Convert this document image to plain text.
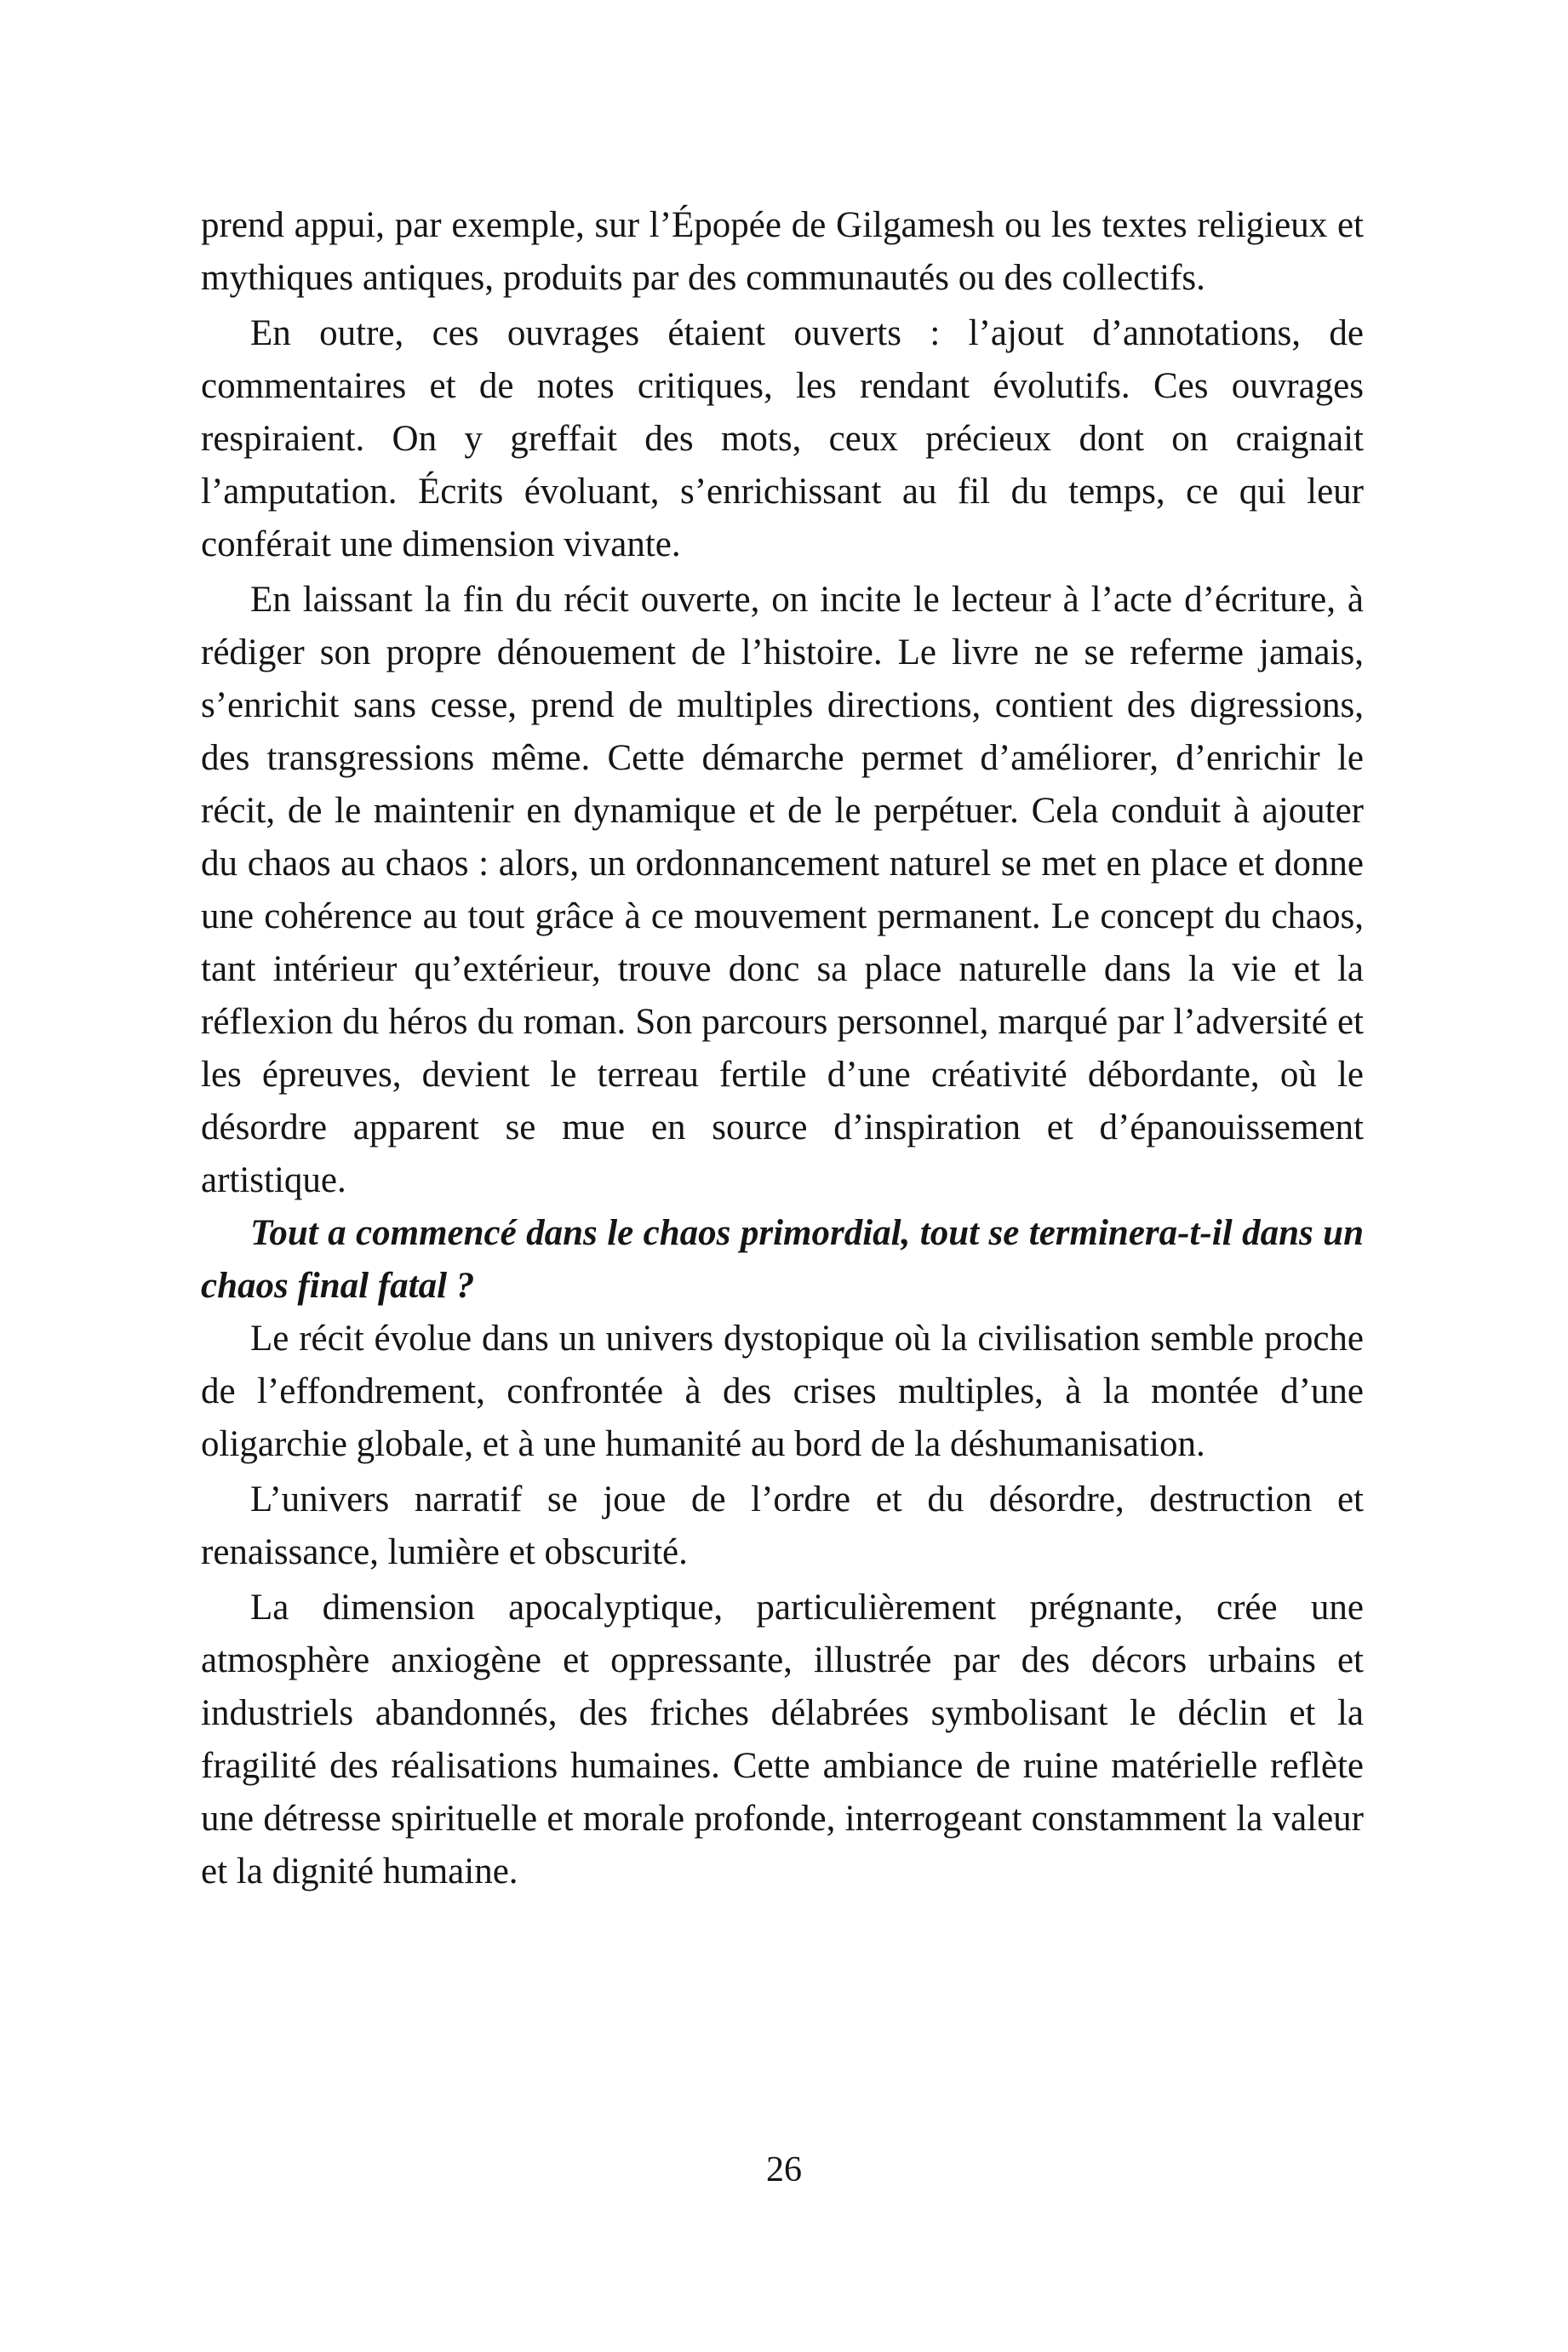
prend appui, par exemple, sur l’Épopée de Gilgamesh ou les textes religieux et mythiques antiques, produits par des communautés ou des collectifs.

En outre, ces ouvrages étaient ouverts : l’ajout d’annotations, de commentaires et de notes critiques, les rendant évolutifs. Ces ouvrages respiraient. On y greffait des mots, ceux précieux dont on craignait l’amputation. Écrits évoluant, s’enrichissant au fil du temps, ce qui leur conférait une dimension vivante.

En laissant la fin du récit ouverte, on incite le lecteur à l’acte d’écriture, à rédiger son propre dénouement de l’histoire. Le livre ne se referme jamais, s’enrichit sans cesse, prend de multiples directions, contient des digressions, des transgressions même. Cette démarche permet d’améliorer, d’enrichir le récit, de le maintenir en dynamique et de le perpétuer. Cela conduit à ajouter du chaos au chaos : alors, un ordonnancement naturel se met en place et donne une cohérence au tout grâce à ce mouvement permanent. Le concept du chaos, tant intérieur qu’extérieur, trouve donc sa place naturelle dans la vie et la réflexion du héros du roman. Son parcours personnel, marqué par l’adversité et les épreuves, devient le terreau fertile d’une créativité débordante, où le désordre apparent se mue en source d’inspiration et d’épanouissement artistique.

Tout a commencé dans le chaos primordial, tout se terminera-t-il dans un chaos final fatal ?

Le récit évolue dans un univers dystopique où la civilisation semble proche de l’effondrement, confrontée à des crises multiples, à la montée d’une oligarchie globale, et à une humanité au bord de la déshumanisation.

L’univers narratif se joue de l’ordre et du désordre, destruction et renaissance, lumière et obscurité.

La dimension apocalyptique, particulièrement prégnante, crée une atmosphère anxiogène et oppressante, illustrée par des décors urbains et industriels abandonnés, des friches délabrées symbolisant le déclin et la fragilité des réalisations humaines. Cette ambiance de ruine matérielle reflète une détresse spirituelle et morale profonde, interrogeant constamment la valeur et la dignité humaine.

26
